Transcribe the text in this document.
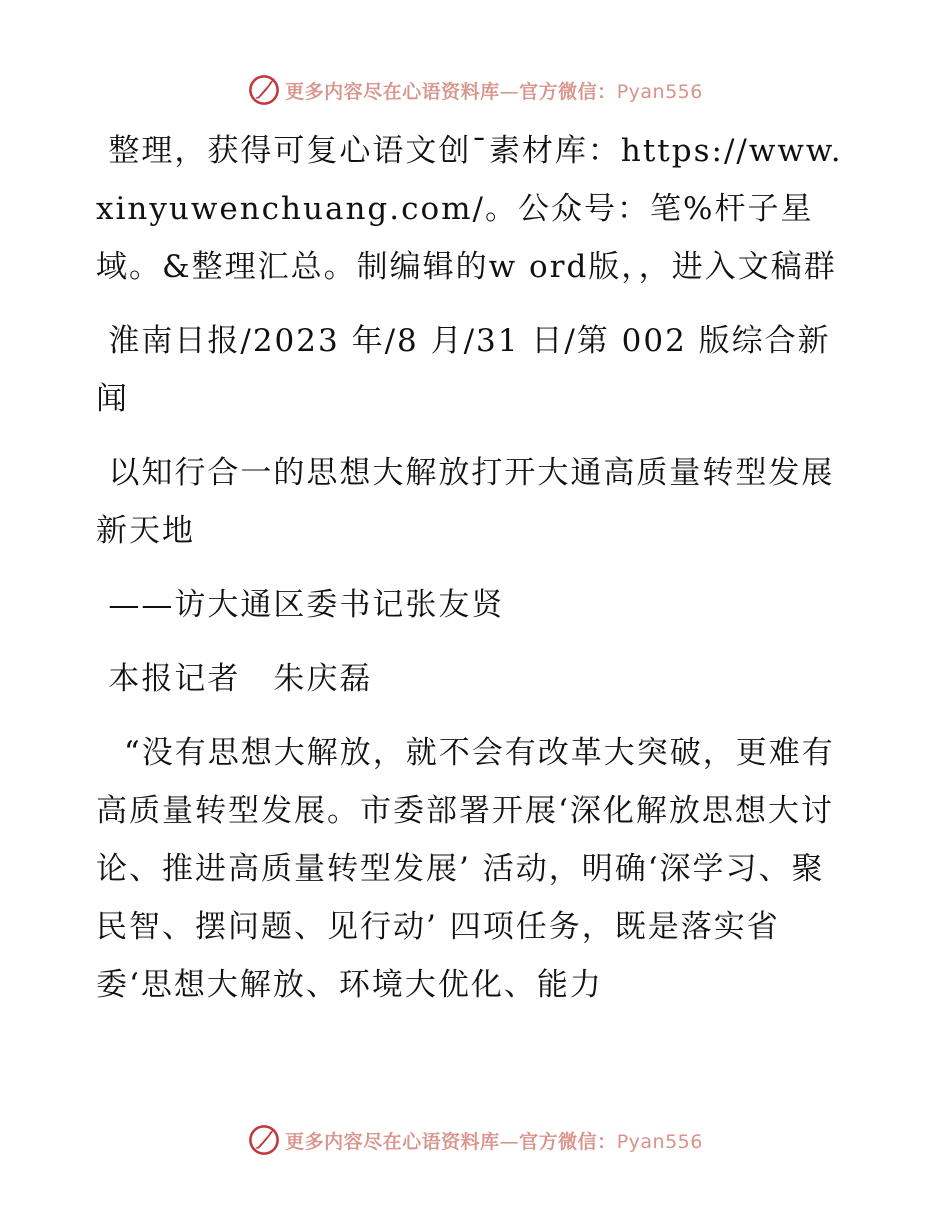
更多内容尽在心语资料库—官方微信：Pyan556

整理，获得可复心语文创¯素材库：https://www.xinyuwenchuang.com/。公众号：笔%杆子星域。&整理汇总。制编辑的w ord版，，进入文稿群

淮南日报/2023 年/8 月/31 日/第 002 版综合新闻

以知行合一的思想大解放打开大通高质量转型发展新天地

——访大通区委书记张友贤

本报记者　朱庆磊

“没有思想大解放，就不会有改革大突破，更难有高质量转型发展。市委部署开展‘深化解放思想大讨论、推进高质量转型发展’ 活动，明确‘深学习、聚民智、摆问题、见行动’ 四项任务，既是落实省委‘思想大解放、环境大优化、能力

更多内容尽在心语资料库—官方微信：Pyan556
